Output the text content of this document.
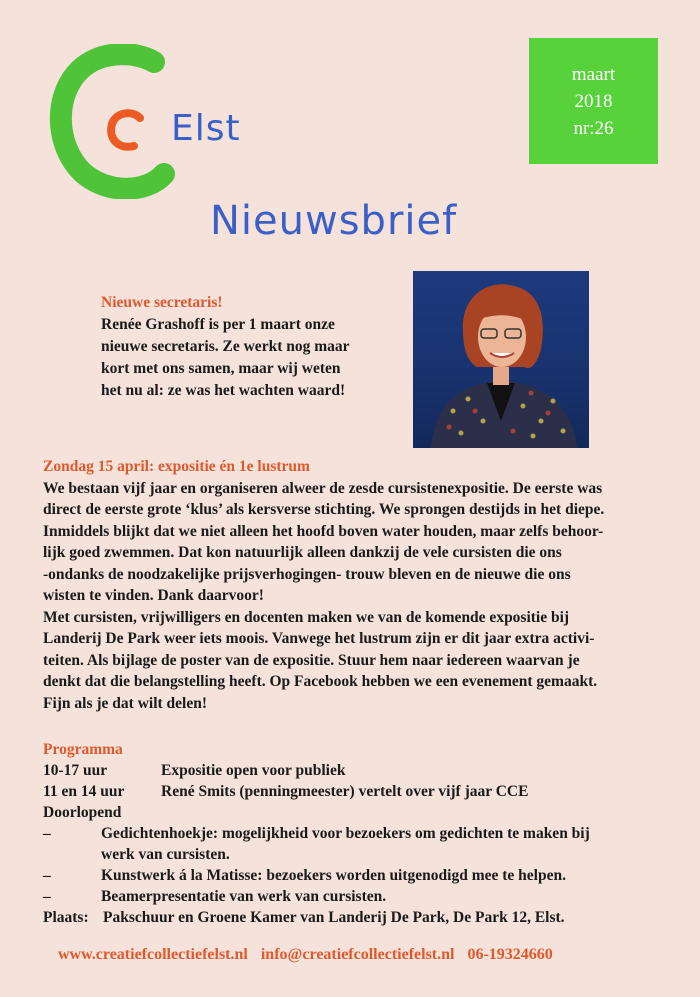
Elst
maart
2018
nr:26
Nieuwsbrief
Nieuwe secretaris!
Renée Grashoff is per 1 maart onze
nieuwe secretaris. Ze werkt nog maar
kort met ons samen, maar wij weten
het nu al: ze was het wachten waard!
Zondag 15 april: expositie én 1e lustrum

We bestaan vijf jaar en organiseren alweer de zesde cursistenexpositie. De eerste was

direct de eerste grote ‘klus’ als kersverse stichting. We sprongen destijds in het diepe.

Inmiddels blijkt dat we niet alleen het hoofd boven water houden, maar zelfs behoor-

lijk goed zwemmen. Dat kon natuurlijk alleen dankzij de vele cursisten die ons

-ondanks de noodzakelijke prijsverhogingen- trouw bleven en de nieuwe die ons

wisten te vinden. Dank daarvoor!

Met cursisten, vrijwilligers en docenten maken we van de komende expositie bij

Landerij De Park weer iets moois. Vanwege het lustrum zijn er dit jaar extra activi-

teiten. Als bijlage de poster van de expositie. Stuur hem naar iedereen waarvan je

denkt dat die belangstelling heeft. Op Facebook hebben we een evenement gemaakt.

Fijn als je dat wilt delen!

Programma
10-17 uur	Expositie open voor publiek
11 en 14 uur	René Smits (penningmeester) vertelt over vijf jaar CCE
Doorlopend
–	Gedichtenhoekje: mogelijkheid voor bezoekers om gedichten te maken bij
werk van cursisten.
–	Kunstwerk á la Matisse: bezoekers worden uitgenodigd mee te helpen.
–	Beamerpresentatie van werk van cursisten.
Plaats: Pakschuur en Groene Kamer van Landerij De Park, De Park 12, Elst.
www.creatiefcollectiefelst.nl info@creatiefcollectiefelst.nl 06-19324660
